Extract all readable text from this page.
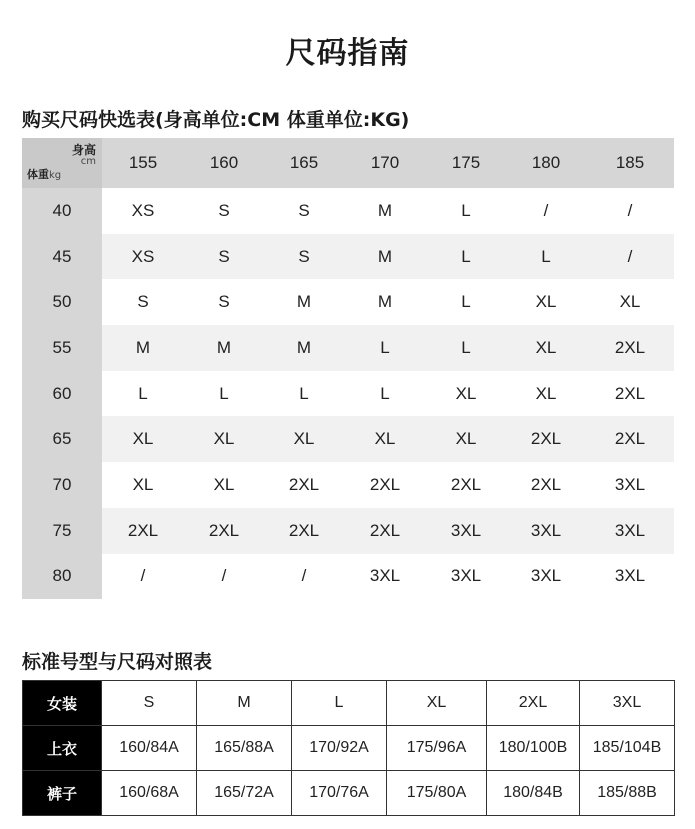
尺码指南
购买尺码快选表(身高单位:CM 体重单位:KG)
身高
cm
体重kg	155	160	165	170	175	180	185
40	XS	S	S	M	L	/	/
45	XS	S	S	M	L	L	/
50	S	S	M	M	L	XL	XL
55	M	M	M	L	L	XL	2XL
60	L	L	L	L	XL	XL	2XL
65	XL	XL	XL	XL	XL	2XL	2XL
70	XL	XL	2XL	2XL	2XL	2XL	3XL
75	2XL	2XL	2XL	2XL	3XL	3XL	3XL
80	/	/	/	3XL	3XL	3XL	3XL
标准号型与尺码对照表
女装	S	M	L	XL	2XL	3XL
上衣	160/84A	165/88A	170/92A	175/96A	180/100B	185/104B
裤子	160/68A	165/72A	170/76A	175/80A	180/84B	185/88B
